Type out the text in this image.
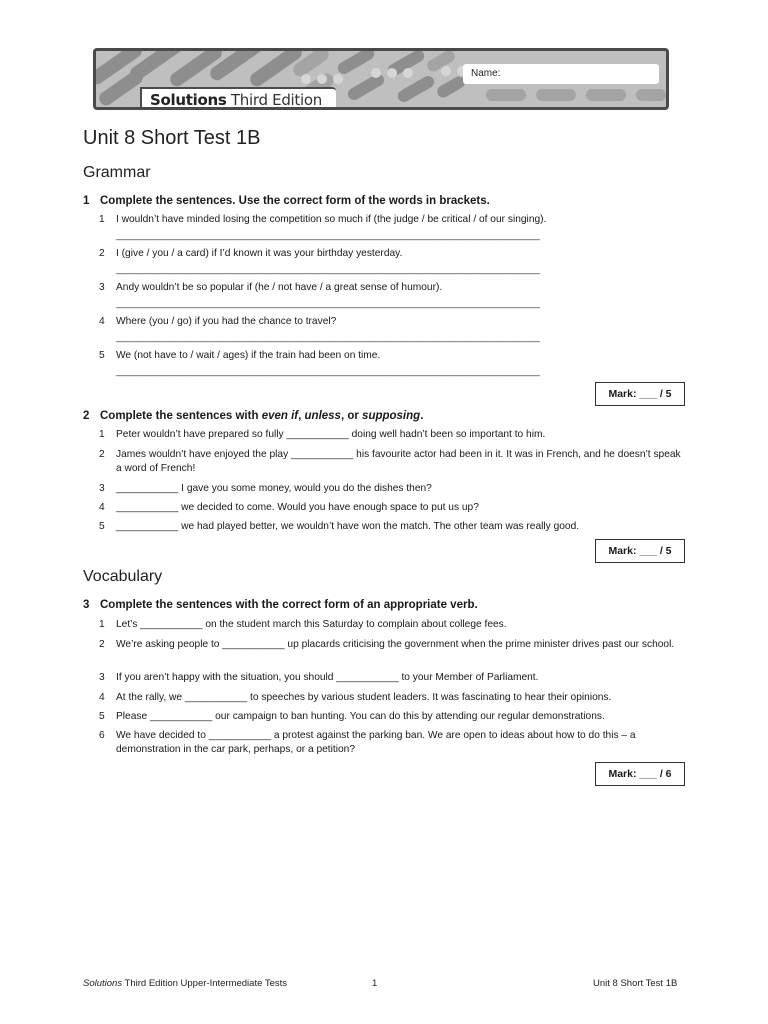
Name:
Solutions Third Edition
Unit 8 Short Test 1B
Grammar
1 Complete the sentences. Use the correct form of the words in brackets.
1	I wouldn’t have minded losing the competition so much if (the judge / be critical / of our singing).
_______________________________________________________________________________
2	I (give / you / a card) if I’d known it was your birthday yesterday.
_______________________________________________________________________________
3	Andy wouldn’t be so popular if (he / not have / a great sense of humour).
_______________________________________________________________________________
4	Where (you / go) if you had the chance to travel?
_______________________________________________________________________________
5	We (not have to / wait / ages) if the train had been on time.
_______________________________________________________________________________
Mark: ___ / 5
2 Complete the sentences with even if, unless, or supposing.
1	Peter wouldn’t have prepared so fully ___________ doing well hadn’t been so important to him.
2	James wouldn’t have enjoyed the play ___________ his favourite actor had been in it. It was in French, and he doesn’t speak a word of French!
3	___________ I gave you some money, would you do the dishes then?
4	___________ we decided to come. Would you have enough space to put us up?
5	___________ we had played better, we wouldn’t have won the match. The other team was really good.
Mark: ___ / 5
Vocabulary
3 Complete the sentences with the correct form of an appropriate verb.
1	Let’s ___________ on the student march this Saturday to complain about college fees.
2	We’re asking people to ___________ up placards criticising the government when the prime minister drives past our school.
3	If you aren’t happy with the situation, you should ___________ to your Member of Parliament.
4	At the rally, we ___________ to speeches by various student leaders. It was fascinating to hear their opinions.
5	Please ___________ our campaign to ban hunting. You can do this by attending our regular demonstrations.
6	We have decided to ___________ a protest against the parking ban. We are open to ideas about how to do this – a demonstration in the car park, perhaps, or a petition?
Mark: ___ / 6
Solutions Third Edition Upper-Intermediate Tests	1	Unit 8 Short Test 1B
